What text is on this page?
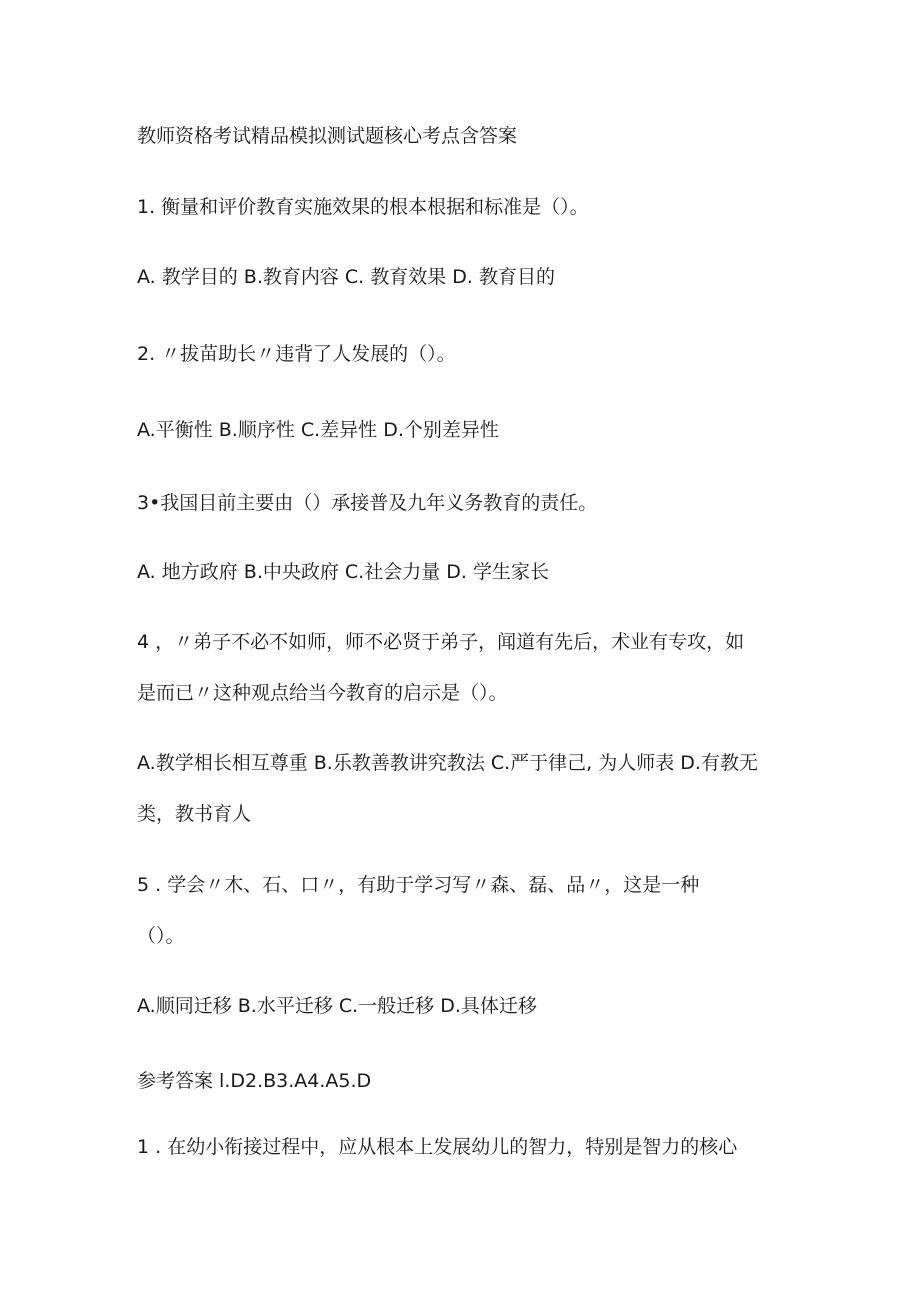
教师资格考试精品模拟测试题核心考点含答案
1. 衡量和评价教育实施效果的根本根据和标准是（）。
A. 教学目的 B.教育内容 C. 教育效果 D. 教育目的
2. 〃拔苗助长〃违背了人发展的（）。
A.平衡性 B.顺序性 C.差异性 D.个别差异性
3•我国目前主要由（）承接普及九年义务教育的责任。
A. 地方政府 B.中央政府 C.社会力量 D. 学生家长
4 ，〃弟子不必不如师，师不必贤于弟子，闻道有先后，术业有专攻，如
是而已〃这种观点给当今教育的启示是（）。
A.教学相长相互尊重 B.乐教善教讲究教法 C.严于律己, 为人师表 D.有教无
类，教书育人
5 . 学会〃木、石、口〃，有助于学习写〃森、磊、品〃，这是一种
（）。
A.顺同迁移 B.水平迁移 C.一般迁移 D.具体迁移
参考答案 l.D2.B3.A4.A5.D
1 . 在幼小衔接过程中，应从根本上发展幼儿的智力，特别是智力的核心
